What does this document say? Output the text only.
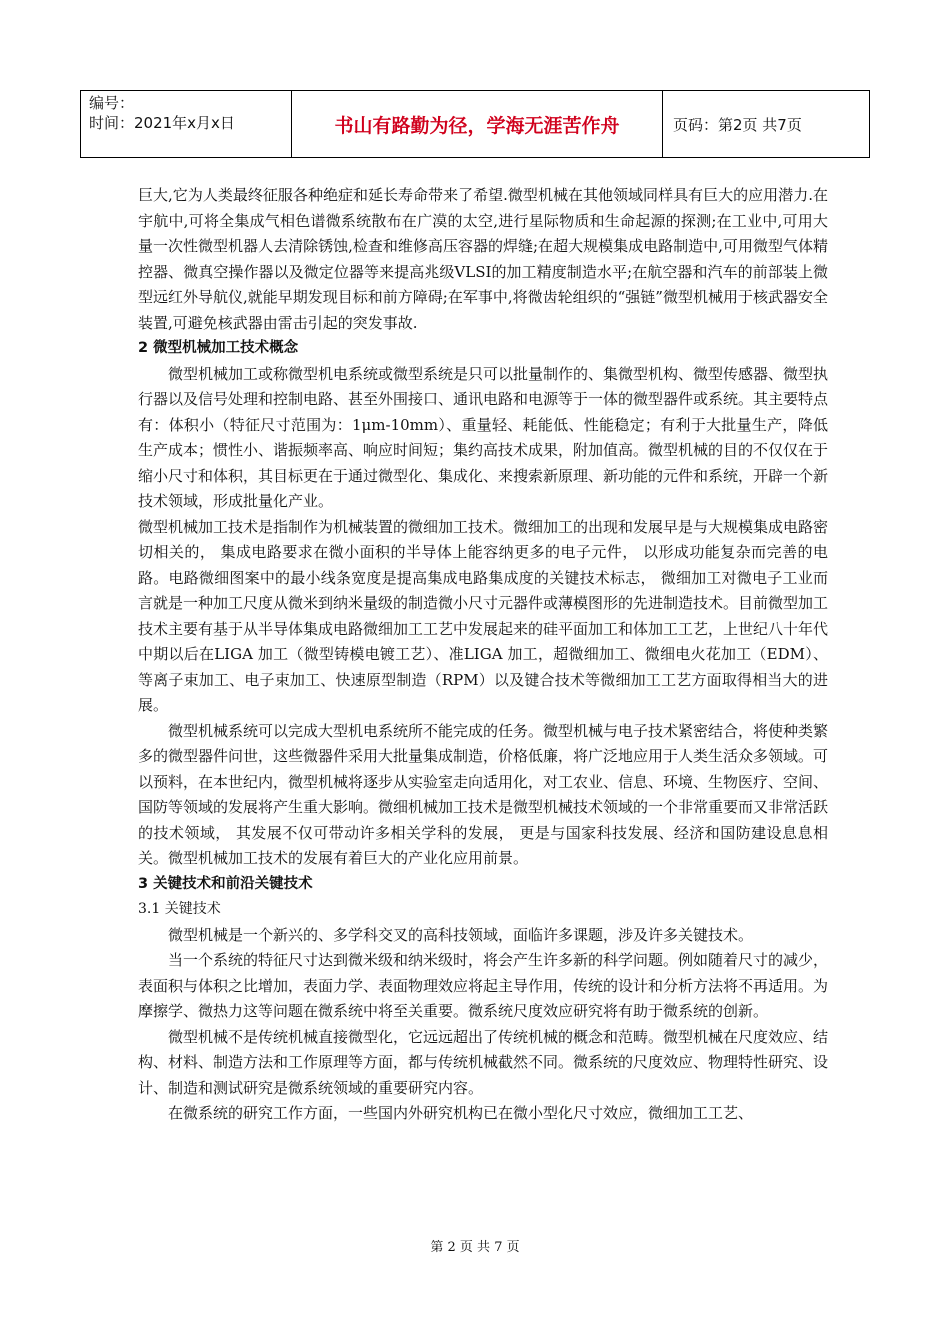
编号：
时间：2021年x月x日	书山有路勤为径，学海无涯苦作舟	页码：第2页 共7页

巨大,它为人类最终征服各种绝症和延长寿命带来了希望.微型机械在其他领域同样具有巨大的应用潜力.在宇航中,可将全集成气相色谱微系统散布在广漠的太空,进行星际物质和生命起源的探测;在工业中,可用大量一次性微型机器人去清除锈蚀,检查和维修高压容器的焊缝;在超大规模集成电路制造中,可用微型气体精控器、微真空操作器以及微定位器等来提高兆级VLSI的加工精度制造水平;在航空器和汽车的前部装上微型远红外导航仪,就能早期发现目标和前方障碍;在军事中,将微齿轮组织的“强链”微型机械用于核武器安全装置,可避免核武器由雷击引起的突发事故.

2 微型机械加工技术概念

微型机械加工或称微型机电系统或微型系统是只可以批量制作的、集微型机构、微型传感器、微型执行器以及信号处理和控制电路、甚至外围接口、通讯电路和电源等于一体的微型器件或系统。其主要特点有：体积小（特征尺寸范围为：1μm-10mm）、重量轻、耗能低、性能稳定；有利于大批量生产，降低生产成本；惯性小、谐振频率高、响应时间短；集约高技术成果，附加值高。微型机械的目的不仅仅在于缩小尺寸和体积，其目标更在于通过微型化、集成化、来搜索新原理、新功能的元件和系统，开辟一个新技术领域，形成批量化产业。

微型机械加工技术是指制作为机械装置的微细加工技术。微细加工的出现和发展早是与大规模集成电路密切相关的， 集成电路要求在微小面积的半导体上能容纳更多的电子元件， 以形成功能复杂而完善的电路。电路微细图案中的最小线条宽度是提高集成电路集成度的关键技术标志， 微细加工对微电子工业而言就是一种加工尺度从微米到纳米量级的制造微小尺寸元器件或薄模图形的先进制造技术。目前微型加工技术主要有基于从半导体集成电路微细加工工艺中发展起来的硅平面加工和体加工工艺，上世纪八十年代中期以后在LIGA 加工（微型铸模电镀工艺）、准LIGA 加工，超微细加工、微细电火花加工（EDM）、等离子束加工、电子束加工、快速原型制造（RPM）以及键合技术等微细加工工艺方面取得相当大的进展。

微型机械系统可以完成大型机电系统所不能完成的任务。微型机械与电子技术紧密结合，将使种类繁多的微型器件问世，这些微器件采用大批量集成制造，价格低廉，将广泛地应用于人类生活众多领域。可以预料，在本世纪内，微型机械将逐步从实验室走向适用化，对工农业、信息、环境、生物医疗、空间、国防等领域的发展将产生重大影响。微细机械加工技术是微型机械技术领域的一个非常重要而又非常活跃的技术领域， 其发展不仅可带动许多相关学科的发展， 更是与国家科技发展、经济和国防建设息息相关。微型机械加工技术的发展有着巨大的产业化应用前景。

3 关键技术和前沿关键技术

3.1 关键技术

微型机械是一个新兴的、多学科交叉的高科技领域，面临许多课题，涉及许多关键技术。

当一个系统的特征尺寸达到微米级和纳米级时，将会产生许多新的科学问题。例如随着尺寸的减少，表面积与体积之比增加，表面力学、表面物理效应将起主导作用，传统的设计和分析方法将不再适用。为摩擦学、微热力这等问题在微系统中将至关重要。微系统尺度效应研究将有助于微系统的创新。

微型机械不是传统机械直接微型化，它远远超出了传统机械的概念和范畴。微型机械在尺度效应、结构、材料、制造方法和工作原理等方面，都与传统机械截然不同。微系统的尺度效应、物理特性研究、设计、制造和测试研究是微系统领域的重要研究内容。

在微系统的研究工作方面，一些国内外研究机构已在微小型化尺寸效应，微细加工工艺、

第 2 页 共 7 页
